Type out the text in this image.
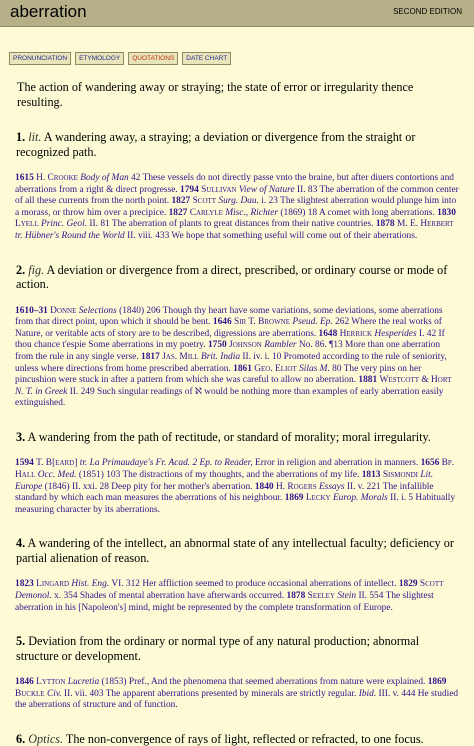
aberration	SECOND EDITION
PRONUNCIATION	ETYMOLOGY	QUOTATIONS	DATE CHART

The action of wandering away or straying; the state of error or irregularity thence resulting.

1. lit. A wandering away, a straying; a deviation or divergence from the straight or recognized path.

1615 H. Crooke Body of Man 42 These vessels do not directly passe vnto the braine, but after diuers contortions and aberrations from a right & direct progresse. 1794 Sullivan View of Nature II. 83 The aberration of the common center of all these currents from the north point. 1827 Scott Surg. Dau. i. 23 The slightest aberration would plunge him into a morass, or throw him over a precipice. 1827 Carlyle Misc., Richter (1869) 18 A comet with long aberrations. 1830 Lyell Princ. Geol. II. 81 The aberration of plants to great distances from their native countries. 1878 M. E. Herbert tr. Hübner's Round the World II. viii. 433 We hope that something useful will come out of their aberrations.

2. fig. A deviation or divergence from a direct, prescribed, or ordinary course or mode of action.

1610–31 Donne Selections (1840) 206 Though thy heart have some variations, some deviations, some aberrations from that direct point, upon which it should be bent. 1646 Sir T. Browne Pseud. Ep. 262 Where the real works of Nature, or veritable acts of story are to be described, digressions are aberrations. 1648 Herrick Hesperides I. 42 If thou chance t'espie Some aberrations in my poetry. 1750 Johnson Rambler No. 86. ¶13 More than one aberration from the rule in any single verse. 1817 Jas. Mill Brit. India II. iv. i. 10 Promoted according to the rule of seniority, unless where directions from home prescribed aberration. 1861 Geo. Eliot Silas M. 80 The very pins on her pincushion were stuck in after a pattern from which she was careful to allow no aberration. 1881 Westcott & Hort N. T. in Greek II. 249 Such singular readings of ℵ would be nothing more than examples of early aberration easily extinguished.

3. A wandering from the path of rectitude, or standard of morality; moral irregularity.

1594 T. B[eard] tr. La Primaudaye's Fr. Acad. 2 Ep. to Reader, Error in religion and aberration in manners. 1656 Bp. Hall Occ. Med. (1851) 103 The distractions of my thoughts, and the aberrations of my life. 1813 Sismondi Lit. Europe (1846) II. xxi. 28 Deep pity for her mother's aberration. 1840 H. Rogers Essays II. v. 221 The infallible standard by which each man measures the aberrations of his neighbour. 1869 Lecky Europ. Morals II. i. 5 Habitually measuring character by its aberrations.

4. A wandering of the intellect, an abnormal state of any intellectual faculty; deficiency or partial alienation of reason.

1823 Lingard Hist. Eng. VI. 312 Her affliction seemed to produce occasional aberrations of intellect. 1829 Scott Demonol. x. 354 Shades of mental aberration have afterwards occurred. 1878 Seeley Stein II. 554 The slightest aberration in his [Napoleon's] mind, might be represented by the complete transformation of Europe.

5. Deviation from the ordinary or normal type of any natural production; abnormal structure or development.

1846 Lytton Lucretia (1853) Pref., And the phenomena that seemed aberrations from nature were explained. 1869 Buckle Civ. II. vii. 403 The apparent aberrations presented by minerals are strictly regular. Ibid. III. v. 444 He studied the aberrations of structure and of function.

6. Optics. The non-convergence of rays of light, reflected or refracted, to one focus.
